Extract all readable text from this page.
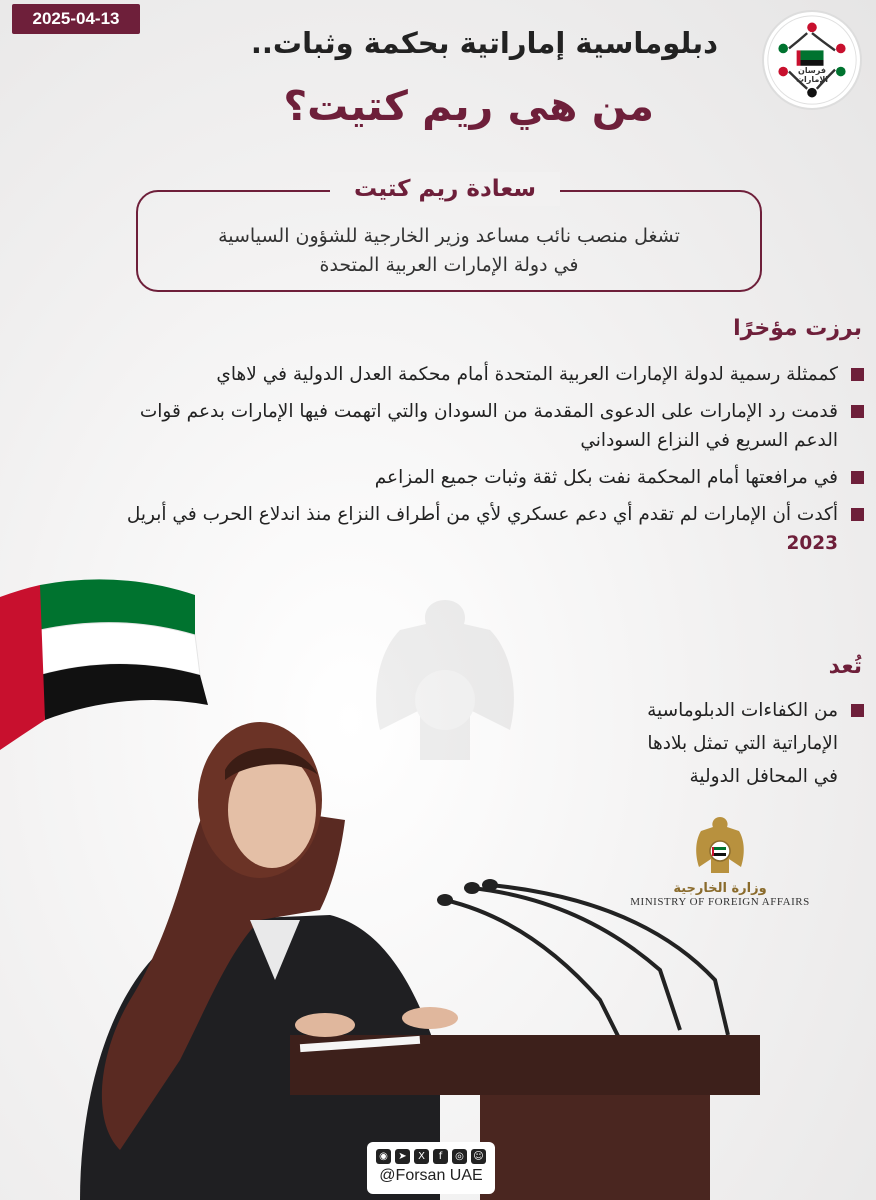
2025-04-13
فرسان الإمارات
دبلوماسية إماراتية بحكمة وثبات..
من هي ريم كتيت؟
سعادة ريم كتيت
تشغل منصب نائب مساعد وزير الخارجية للشؤون السياسية
في دولة الإمارات العربية المتحدة
برزت مؤخرًا
كممثلة رسمية لدولة الإمارات العربية المتحدة أمام محكمة العدل الدولية في لاهاي
قدمت رد الإمارات على الدعوى المقدمة من السودان والتي اتهمت فيها الإمارات بدعم قوات الدعم السريع في النزاع السوداني
في مرافعتها أمام المحكمة نفت بكل ثقة وثبات جميع المزاعم
أكدت أن الإمارات لم تقدم أي دعم عسكري لأي من أطراف النزاع منذ اندلاع الحرب في أبريل 2023
تُعد
من الكفاءات الدبلوماسية
الإماراتية التي تمثل بلادها
في المحافل الدولية
وزارة الخارجية
MINISTRY OF FOREIGN AFFAIRS
◉	➤	X	f	◎ ☺
@Forsan UAE
